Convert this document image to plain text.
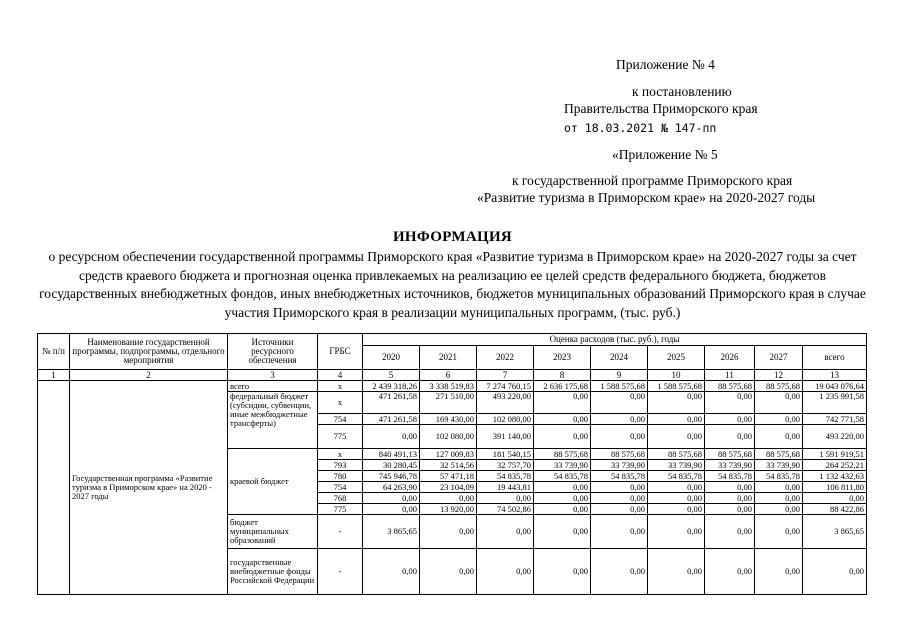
Приложение № 4
к постановлению
Правительства Приморского края
от 18.03.2021 № 147-пп
«Приложение № 5
к государственной программе Приморского края
«Развитие туризма в Приморском крае» на 2020-2027 годы
ИНФОРМАЦИЯ
о ресурсном обеспечении государственной программы Приморского края «Развитие туризма в Приморском крае» на 2020-2027 годы за счет средств краевого бюджета и прогнозная оценка привлекаемых на реализацию ее целей средств федерального бюджета, бюджетов государственных внебюджетных фондов, иных внебюджетных источников, бюджетов муниципальных образований Приморского края в случае участия Приморского края в реализации муниципальных программ, (тыс. руб.)
№ п/п	Наименование государственной программы, подпрограммы, отдельного мероприятия	Источники ресурсного обеспечения	ГРБС	Оценка расходов (тыс. руб.), годы								
				2020	2021	2022	2023	2024	2025	2026	2027	всего
1	2	3	4	5	6	7	8	9	10	11	12	13
	Государственная программа «Развитие туризма в Приморском крае» на 2020 - 2027 годы	всего	x	2 439 318,26	3 338 519,83	7 274 760,15	2 636 175,68	1 588 575,68	1 588 575,68	88 575,68	88 575,68	19 043 076,64
		федеральный бюджет (субсидии, субвенции, иные межбюджетные трансферты)	x	471 261,58	271 510,00	493 220,00	0,00	0,00	0,00	0,00	0,00	1 235 991,58
			754	471 261,58	169 430,00	102 080,00	0,00	0,00	0,00	0,00	0,00	742 771,58
			775	0,00	102 080,00	391 140,00	0,00	0,00	0,00	0,00	0,00	493 220,00
		краевой бюджет	x	840 491,13	127 009,83	181 540,15	88 575,68	88 575,68	88 575,68	88 575,68	88 575,68	1 591 919,51
			793	30 280,45	32 514,56	32 757,70	33 739,90	33 739,90	33 739,90	33 739,90	33 739,90	264 252,21
			780	745 946,78	57 471,18	54 835,78	54 835,78	54 835,78	54 835,78	54 835,78	54 835,78	1 132 432,63
			754	64 263,90	23 104,09	19 443,81	0,00	0,00	0,00	0,00	0,00	106 811,80
			768	0,00	0,00	0,00	0,00	0,00	0,00	0,00	0,00	0,00
			775	0,00	13 920,00	74 502,86	0,00	0,00	0,00	0,00	0,00	88 422,86
		бюджет муниципальных образований	-	3 865,65	0,00	0,00	0,00	0,00	0,00	0,00	0,00	3 865,65
		государственные внебюджетные фонды Российской Федерации	-	0,00	0,00	0,00	0,00	0,00	0,00	0,00	0,00	0,00
